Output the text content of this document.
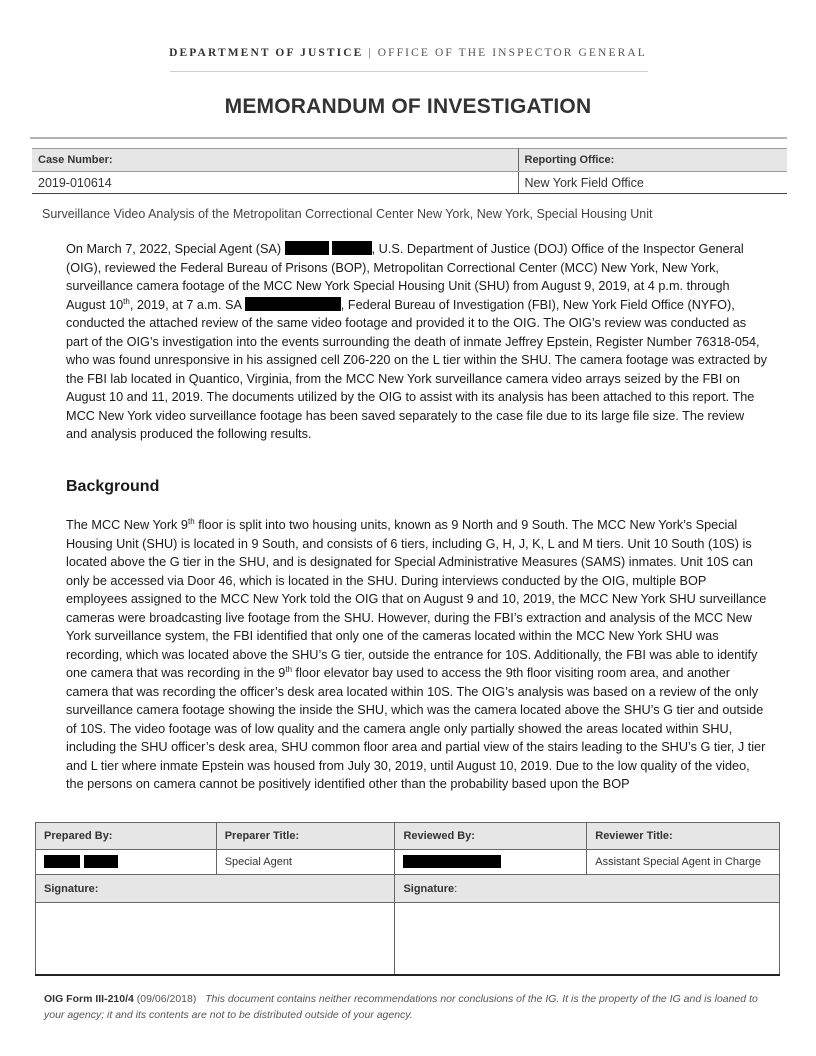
DEPARTMENT OF JUSTICE | OFFICE OF THE INSPECTOR GENERAL
MEMORANDUM OF INVESTIGATION
Case Number:	Reporting Office:
2019-010614	New York Field Office
Surveillance Video Analysis of the Metropolitan Correctional Center New York, New York, Special Housing Unit
On March 7, 2022, Special Agent (SA)	, U.S. Department of Justice (DOJ) Office of the Inspector General (OIG), reviewed the Federal Bureau of Prisons (BOP), Metropolitan Correctional Center (MCC) New York, New York, surveillance camera footage of the MCC New York Special Housing Unit (SHU) from August 9, 2019, at 4 p.m. through August 10th, 2019, at 7 a.m. SA	, Federal Bureau of Investigation (FBI), New York Field Office (NYFO), conducted the attached review of the same video footage and provided it to the OIG. The OIG’s review was conducted as part of the OIG’s investigation into the events surrounding the death of inmate Jeffrey Epstein, Register Number 76318-054, who was found unresponsive in his assigned cell Z06-220 on the L tier within the SHU. The camera footage was extracted by the FBI lab located in Quantico, Virginia, from the MCC New York surveillance camera video arrays seized by the FBI on August 10 and 11, 2019. The documents utilized by the OIG to assist with its analysis has been attached to this report. The MCC New York video surveillance footage has been saved separately to the case file due to its large file size. The review and analysis produced the following results.
Background
The MCC New York 9th floor is split into two housing units, known as 9 North and 9 South. The MCC New York’s Special Housing Unit (SHU) is located in 9 South, and consists of 6 tiers, including G, H, J, K, L and M tiers. Unit 10 South (10S) is located above the G tier in the SHU, and is designated for Special Administrative Measures (SAMS) inmates. Unit 10S can only be accessed via Door 46, which is located in the SHU. During interviews conducted by the OIG, multiple BOP employees assigned to the MCC New York told the OIG that on August 9 and 10, 2019, the MCC New York SHU surveillance cameras were broadcasting live footage from the SHU. However, during the FBI’s extraction and analysis of the MCC New York surveillance system, the FBI identified that only one of the cameras located within the MCC New York SHU was recording, which was located above the SHU’s G tier, outside the entrance for 10S. Additionally, the FBI was able to identify one camera that was recording in the 9th floor elevator bay used to access the 9th floor visiting room area, and another camera that was recording the officer’s desk area located within 10S. The OIG’s analysis was based on a review of the only surveillance camera footage showing the inside the SHU, which was the camera located above the SHU’s G tier and outside of 10S. The video footage was of low quality and the camera angle only partially showed the areas located within SHU, including the SHU officer’s desk area, SHU common floor area and partial view of the stairs leading to the SHU’s G tier, J tier and L tier where inmate Epstein was housed from July 30, 2019, until August 10, 2019. Due to the low quality of the video, the persons on camera cannot be positively identified other than the probability based upon the BOP
Prepared By:	Preparer Title:	Reviewed By:	Reviewer Title:
	Special Agent		Assistant Special Agent in Charge
Signature:		Signature:	

OIG Form III-210/4 (09/06/2018) This document contains neither recommendations nor conclusions of the IG. It is the property of the IG and is loaned to your agency; it and its contents are not to be distributed outside of your agency.
